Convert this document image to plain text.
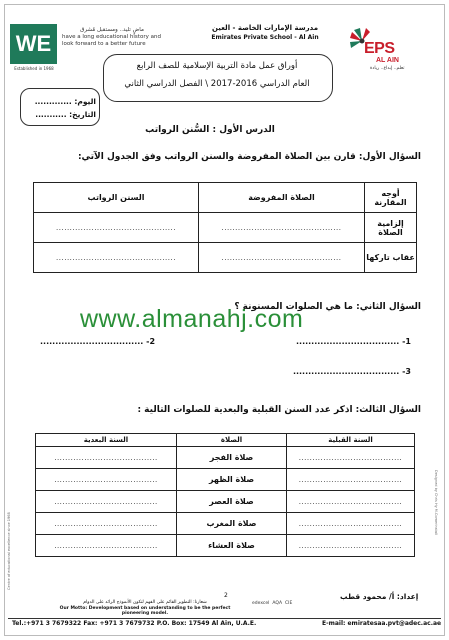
WE
Established in 1968
ماضٍ تليد.. ومستقبل مُشرق
have a long educational history and look forward to a better future
مدرسة الإمارات الخاصة - العين
Emirates Private School - Al Ain
EPS
AL AIN
تعلم.. إبداع.. ريادة
أوراق عمل مادة التربية الإسلامية للصف الرابع
العام الدراسي 2016-2017 \ الفصل الدراسي الثاني
اليوم: .............
التاريخ: ...........
الدرس الأول : السُّنن الرواتب
السؤال الأول: قارن بين الصلاة المفروضة والسنن الرواتب وفق الجدول الآتي:
أوجه المقارنة	الصلاة المفروضة	السنن الرواتب
إلزامية الصلاة	............................................	............................................
عقاب تاركها	............................................	............................................
www.almanahj.com
السؤال الثاني: ما هي الصلوات المسنونة ؟
1- ..................................
2- ..................................
3- ...................................
السؤال الثالث: اذكر عدد السنن القبلية والبعدية للصلوات التالية :
السنة القبلية	الصلاة	السنة البعدية
......................................	صلاة الفجر	......................................
......................................	صلاة الظهر	......................................
......................................	صلاة العصر	......................................
......................................	صلاة المغرب	......................................
......................................	صلاة العشاء	......................................
Centre of educational excellence since 1968
Designed by Chris Hy M.Comerinstall
2
شعارنا: التطوير القائم على الفهم لتكون الأنموذج الرائد على الدوام
Our Motto: Development based on understanding to be the perfect pioneering model.
edexcel AQA CIE
إعداد: أ/ محمود قطب
Tel.:+971 3 7679322 Fax: +971 3 7679732 P.O. Box: 17549 Al Ain, U.A.E.	E-mail: emiratesaa.pvt@adec.ac.ae
